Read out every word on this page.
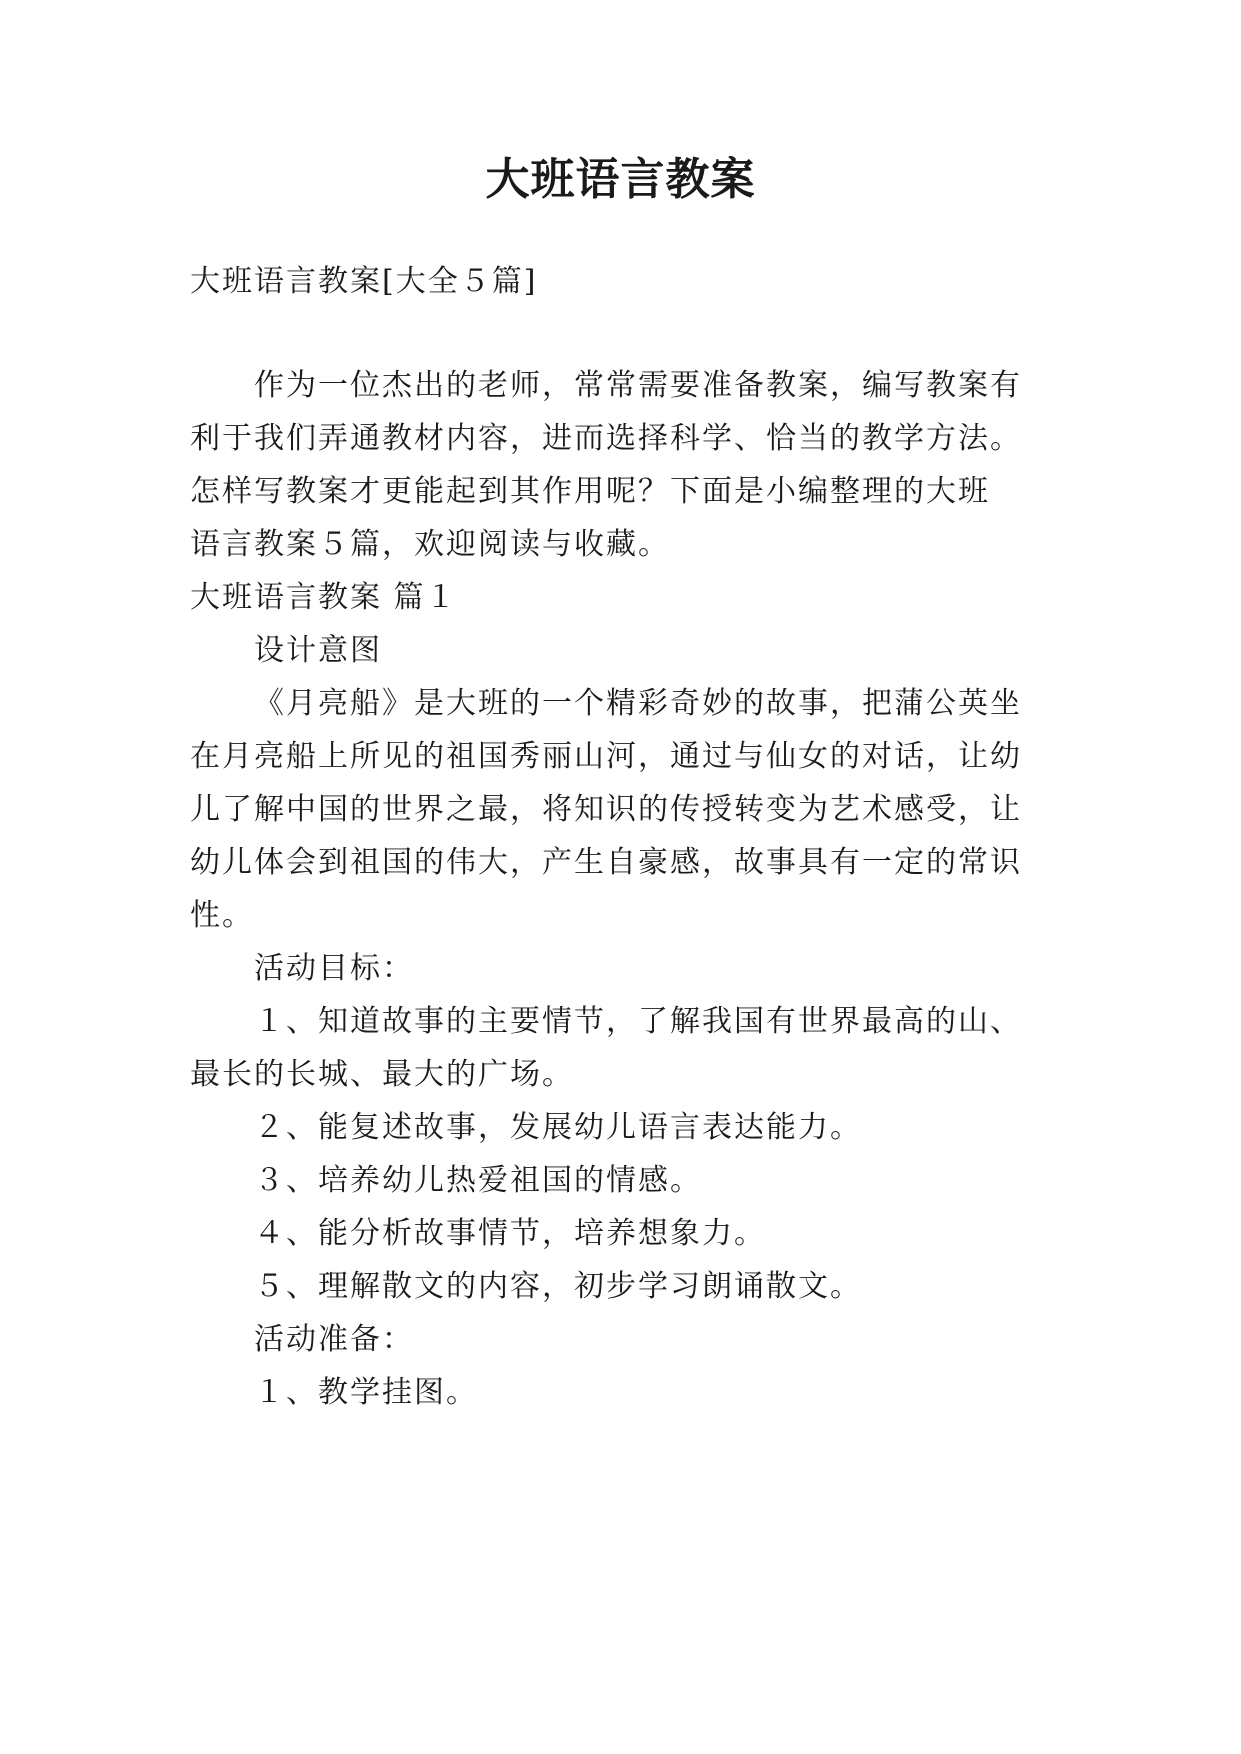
大班语言教案
大班语言教案[大全５篇]
作为一位杰出的老师，常常需要准备教案，编写教案有
利于我们弄通教材内容，进而选择科学、恰当的教学方法。
怎样写教案才更能起到其作用呢？下面是小编整理的大班
语言教案５篇，欢迎阅读与收藏。
大班语言教案 篇１
设计意图
《月亮船》是大班的一个精彩奇妙的故事，把蒲公英坐
在月亮船上所见的祖国秀丽山河，通过与仙女的对话，让幼
儿了解中国的世界之最，将知识的传授转变为艺术感受，让
幼儿体会到祖国的伟大，产生自豪感，故事具有一定的常识
性。
活动目标：
１、知道故事的主要情节，了解我国有世界最高的山、
最长的长城、最大的广场。
２、能复述故事，发展幼儿语言表达能力。
３、培养幼儿热爱祖国的情感。
４、能分析故事情节，培养想象力。
５、理解散文的内容，初步学习朗诵散文。
活动准备：
１、教学挂图。
